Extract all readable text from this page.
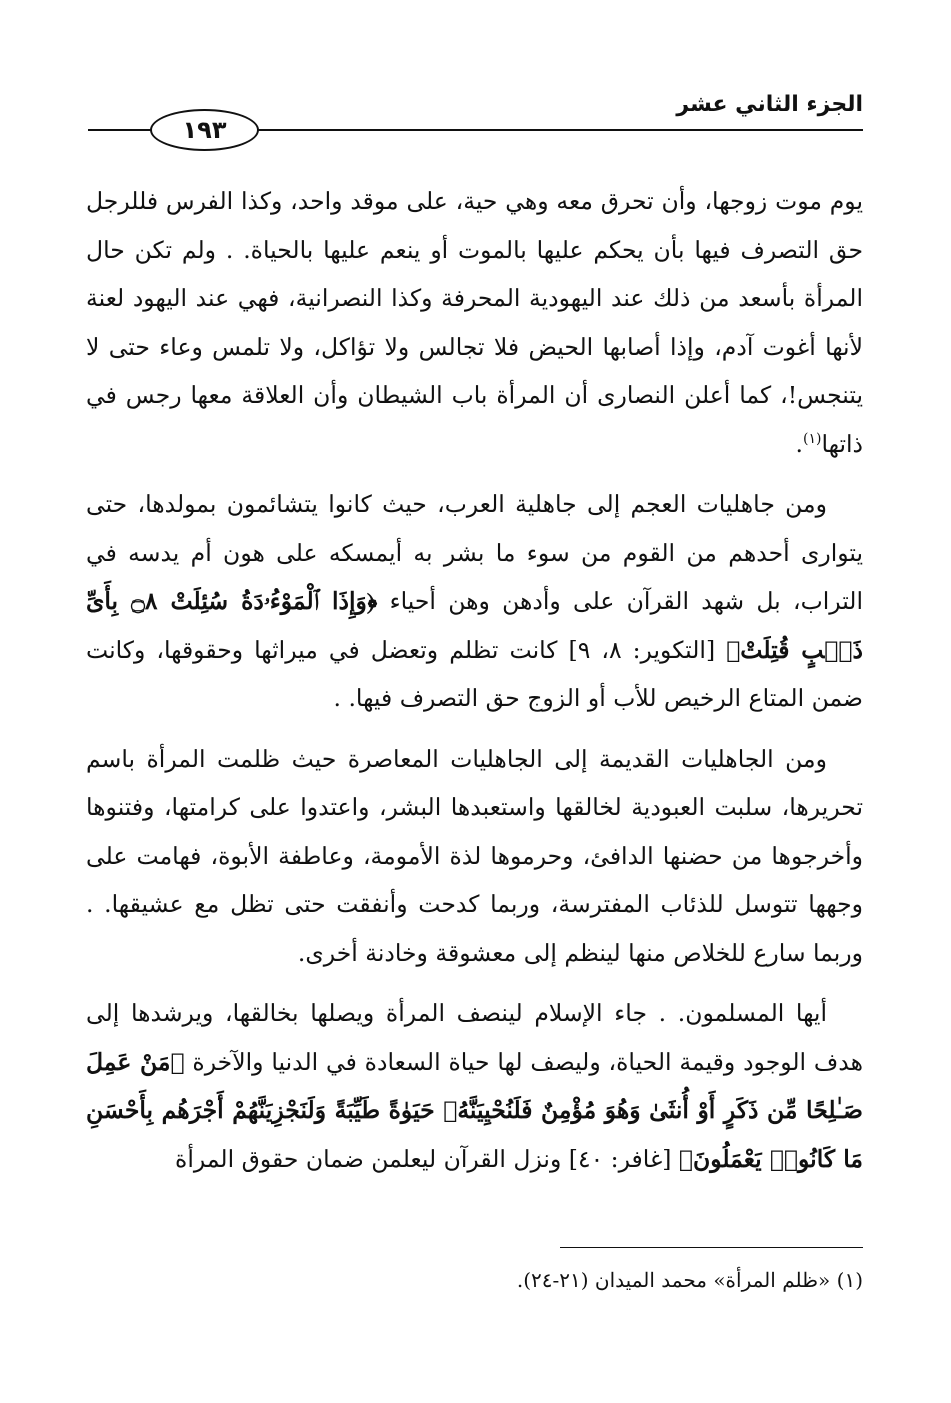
الجزء الثاني عشر
١٩٣

يوم موت زوجها، وأن تحرق معه وهي حية، على موقد واحد، وكذا الفرس فللرجل حق التصرف فيها بأن يحكم عليها بالموت أو ينعم عليها بالحياة. . ولم تكن حال المرأة بأسعد من ذلك عند اليهودية المحرفة وكذا النصرانية، فهي عند اليهود لعنة لأنها أغوت آدم، وإذا أصابها الحيض فلا تجالس ولا تؤاكل، ولا تلمس وعاء حتى لا يتنجس!، كما أعلن النصارى أن المرأة باب الشيطان وأن العلاقة معها رجس في ذاتها$^{(١)}$.

ومن جاهليات العجم إلى جاهلية العرب، حيث كانوا يتشائمون بمولدها، حتى يتوارى أحدهم من القوم من سوء ما بشر به أيمسكه على هون أم يدسه في التراب، بل شهد القرآن على وأدهن وهن أحياء ﴿وَإِذَا ٱلْمَوْءُۥدَةُ سُئِلَتْ ۝٨ بِأَىِّ ذَنۢبٍ قُتِلَتْ﴾ [التكوير: ٨، ٩] كانت تظلم وتعضل في ميراثها وحقوقها، وكانت ضمن المتاع الرخيص للأب أو الزوج حق التصرف فيها. .

ومن الجاهليات القديمة إلى الجاهليات المعاصرة حيث ظلمت المرأة باسم تحريرها، سلبت العبودية لخالقها واستعبدها البشر، واعتدوا على كرامتها، وفتنوها وأخرجوها من حضنها الدافئ، وحرموها لذة الأمومة، وعاطفة الأبوة، فهامت على وجهها تتوسل للذئاب المفترسة، وربما كدحت وأنفقت حتى تظل مع عشيقها. . وربما سارع للخلاص منها لينظم إلى معشوقة وخادنة أخرى.

أيها المسلمون. . جاء الإسلام لينصف المرأة ويصلها بخالقها، ويرشدها إلى هدف الوجود وقيمة الحياة، وليصف لها حياة السعادة في الدنيا والآخرة ﴿مَنْ عَمِلَ صَـٰلِحًا مِّن ذَكَرٍ أَوْ أُنثَىٰ وَهُوَ مُؤْمِنٌ فَلَنُحْيِيَنَّهُۥ حَيَوٰةً طَيِّبَةً وَلَنَجْزِيَنَّهُمْ أَجْرَهُم بِأَحْسَنِ مَا كَانُوا۟ يَعْمَلُونَ﴾ [غافر: ٤٠] ونزل القرآن ليعلمن ضمان حقوق المرأة

(١) «ظلم المرأة» محمد الميدان (٢١-٢٤).
